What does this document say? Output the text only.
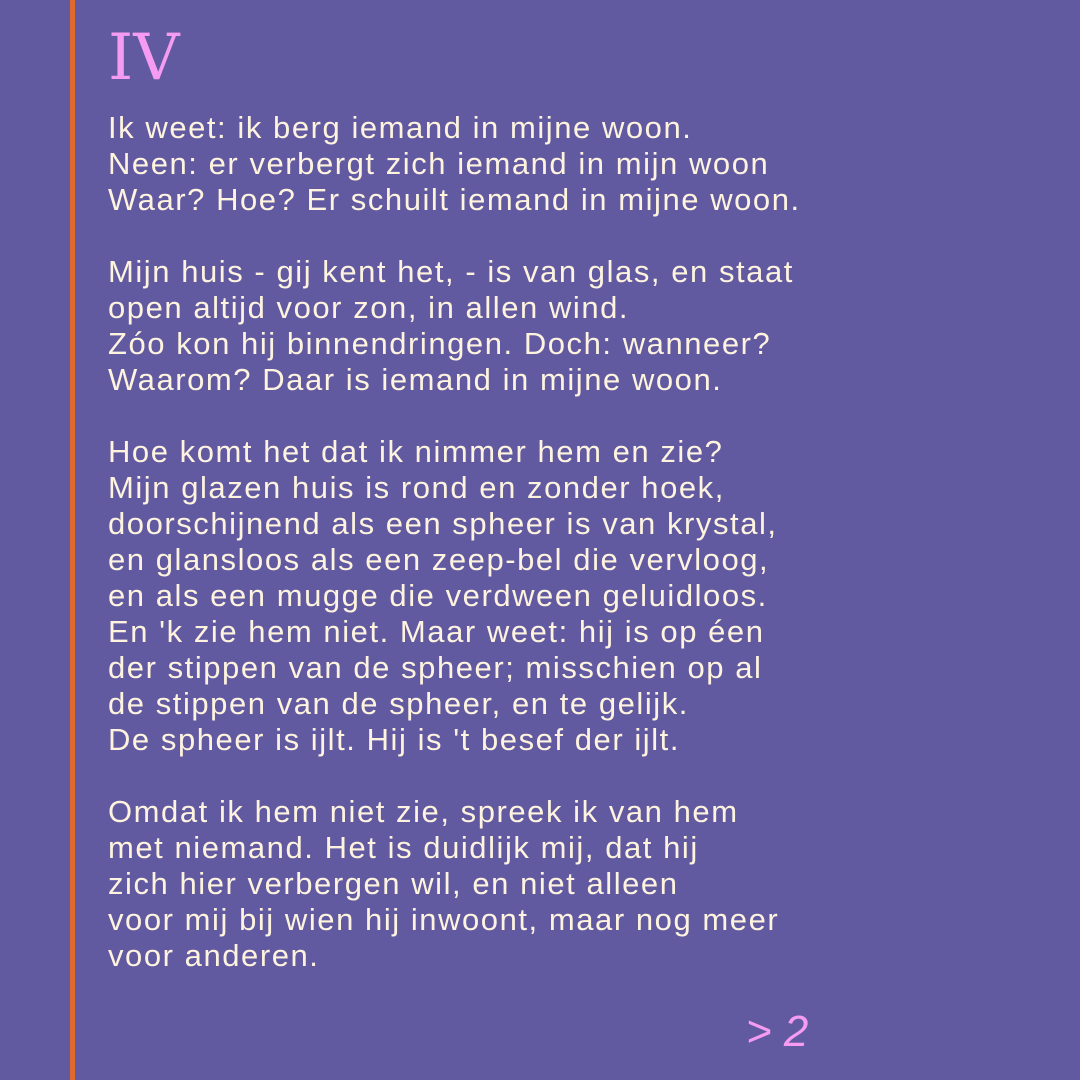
IV
Ik weet: ik berg iemand in mijne woon.
Neen: er verbergt zich iemand in mijn woon
Waar? Hoe? Er schuilt iemand in mijne woon.
Mijn huis - gij kent het, - is van glas, en staat
open altijd voor zon, in allen wind.
Zóo kon hij binnendringen. Doch: wanneer?
Waarom? Daar is iemand in mijne woon.
Hoe komt het dat ik nimmer hem en zie?
Mijn glazen huis is rond en zonder hoek,
doorschijnend als een spheer is van krystal,
en glansloos als een zeep-bel die vervloog,
en als een mugge die verdween geluidloos.
En 'k zie hem niet. Maar weet: hij is op éen
der stippen van de spheer; misschien op al
de stippen van de spheer, en te gelijk.
De spheer is ijlt. Hij is 't besef der ijlt.
Omdat ik hem niet zie, spreek ik van hem
met niemand. Het is duidlijk mij, dat hij
zich hier verbergen wil, en niet alleen
voor mij bij wien hij inwoont, maar nog meer
voor anderen.
> 2
